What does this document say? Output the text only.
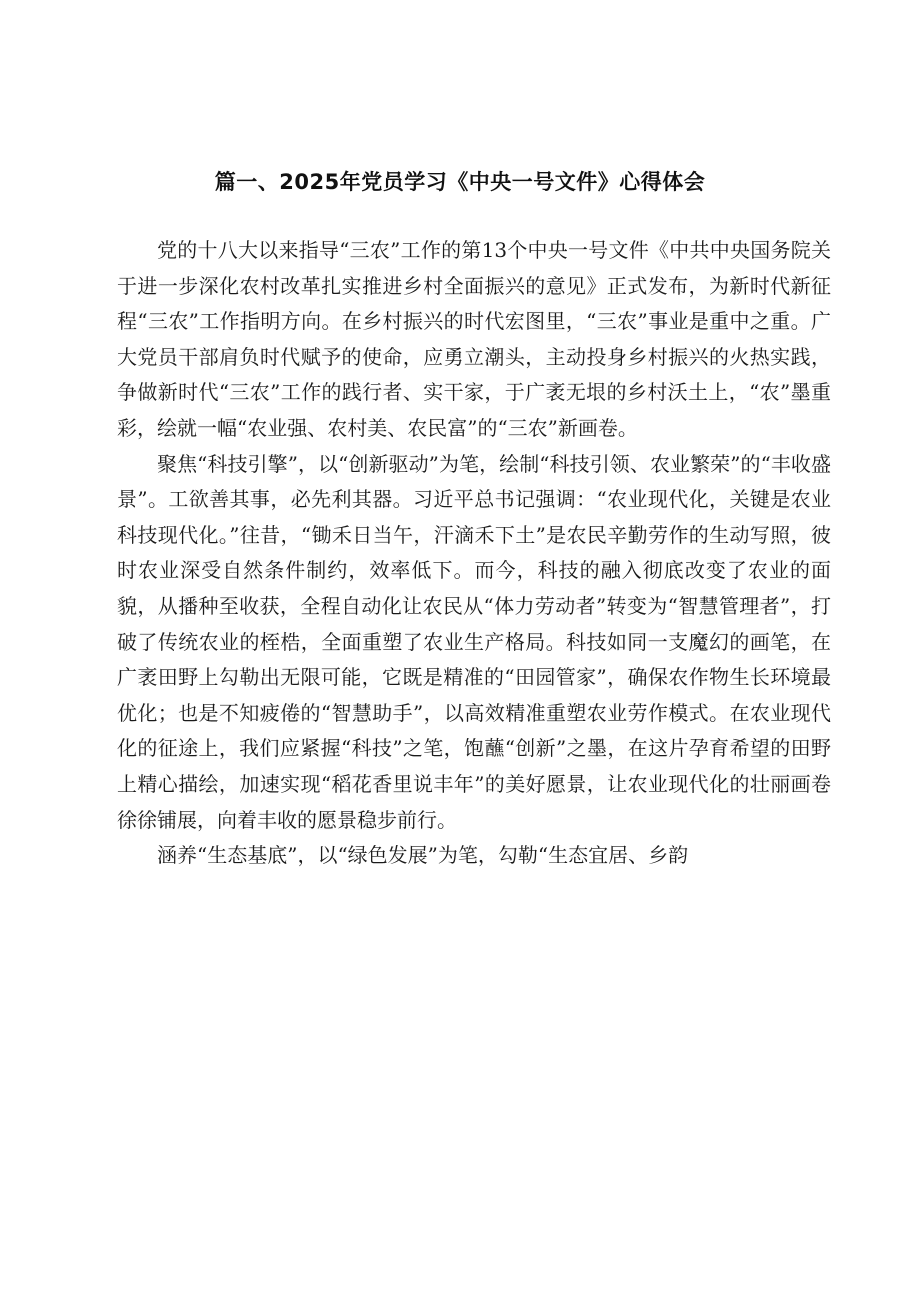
篇一、2025年党员学习《中央一号文件》心得体会

党的十八大以来指导“三农”工作的第13个中央一号文件《中共中央国务院关于进一步深化农村改革扎实推进乡村全面振兴的意见》正式发布，为新时代新征程“三农”工作指明方向。在乡村振兴的时代宏图里，“三农”事业是重中之重。广大党员干部肩负时代赋予的使命，应勇立潮头，主动投身乡村振兴的火热实践，争做新时代“三农”工作的践行者、实干家，于广袤无垠的乡村沃土上，“农”墨重彩，绘就一幅“农业强、农村美、农民富”的“三农”新画卷。

聚焦“科技引擎”，以“创新驱动”为笔，绘制“科技引领、农业繁荣”的“丰收盛景”。工欲善其事，必先利其器。习近平总书记强调：“农业现代化，关键是农业科技现代化。”往昔，“锄禾日当午，汗滴禾下土”是农民辛勤劳作的生动写照，彼时农业深受自然条件制约，效率低下。而今，科技的融入彻底改变了农业的面貌，从播种至收获，全程自动化让农民从“体力劳动者”转变为“智慧管理者”，打破了传统农业的桎梏，全面重塑了农业生产格局。科技如同一支魔幻的画笔，在广袤田野上勾勒出无限可能，它既是精准的“田园管家”，确保农作物生长环境最优化；也是不知疲倦的“智慧助手”，以高效精准重塑农业劳作模式。在农业现代化的征途上，我们应紧握“科技”之笔，饱蘸“创新”之墨，在这片孕育希望的田野上精心描绘，加速实现“稻花香里说丰年”的美好愿景，让农业现代化的壮丽画卷徐徐铺展，向着丰收的愿景稳步前行。

涵养“生态基底”，以“绿色发展”为笔，勾勒“生态宜居、乡韵
